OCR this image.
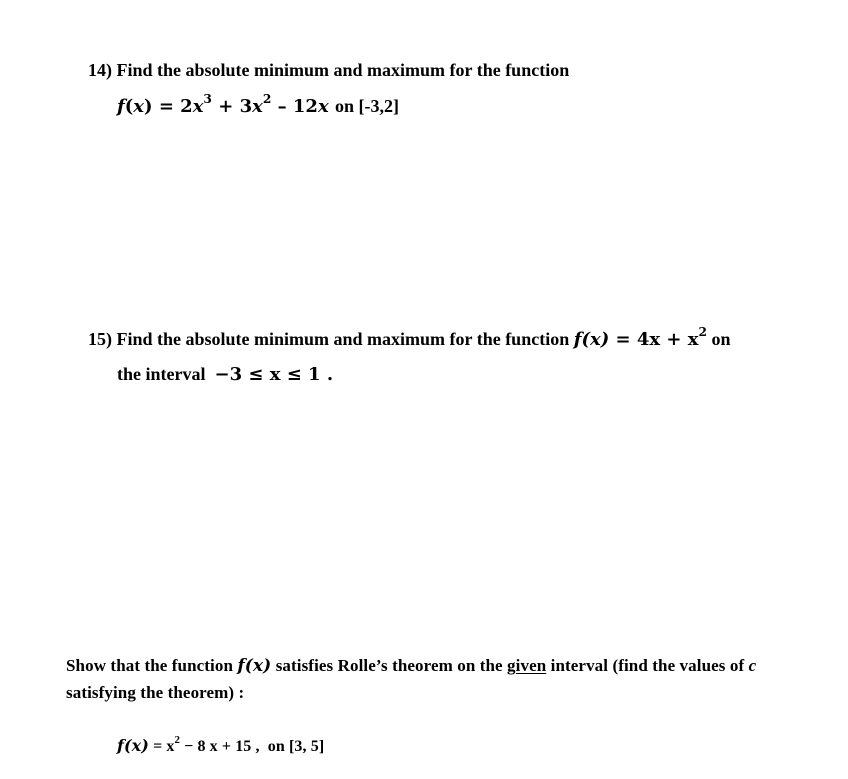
14) Find the absolute minimum and maximum for the function
$f(x) = 2x^3 + 3x^2 - 12x$ on [-3,2]
15) Find the absolute minimum and maximum for the function $f(x) = 4x + x^2$ on
the interval −3 ≤ x ≤ 1 .
Show that the function f(x) satisfies Rolle’s theorem on the given interval (find the values of c
satisfying the theorem) :
$f(x) = x^2 - 8$ x + 15 , on [3, 5]
